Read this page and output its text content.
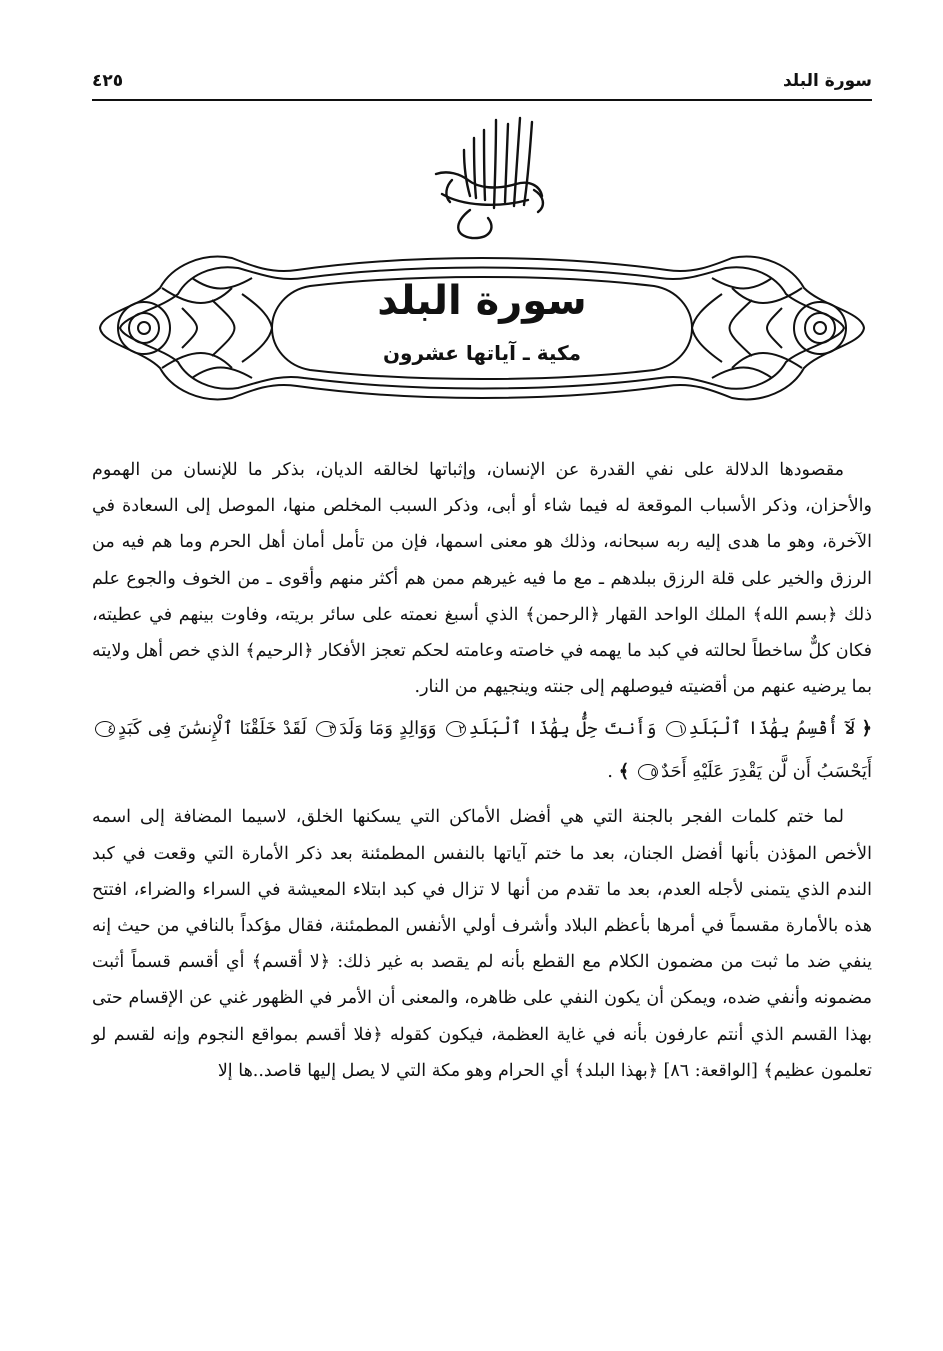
٤٢٥	سورة البلد
سورة البلد
مكية ـ آياتها عشرون

مقصودها الدلالة على نفي القدرة عن الإنسان، وإثباتها لخالقه الديان، بذكر ما للإنسان من الهموم والأحزان، وذكر الأسباب الموقعة له فيما شاء أو أبى، وذكر السبب المخلص منها، الموصل إلى السعادة في الآخرة، وهو ما هدى إليه ربه سبحانه، وذلك هو معنى اسمها، فإن من تأمل أمان أهل الحرم وما هم فيه من الرزق والخير على قلة الرزق ببلدهم ـ مع ما فيه غيرهم ممن هم أكثر منهم وأقوى ـ من الخوف والجوع علم ذلك ﴿بسم الله﴾ الملك الواحد القهار ﴿الرحمن﴾ الذي أسبغ نعمته على سائر بريته، وفاوت بينهم في عطيته، فكان كلٌّ ساخطاً لحالته في كبد ما يهمه في خاصته وعامته لحكم تعجز الأفكار ﴿الرحيم﴾ الذي خص أهل ولايته بما يرضيه عنهم من أقضيته فيوصلهم إلى جنته وينجيهم من النار.

﴿ لَآ أُقْسِمُ بِهَٰذَا ٱلْبَلَدِ١ وَأَنتَ حِلُّۢ بِهَٰذَا ٱلْبَلَدِ٢ وَوَالِدٍ وَمَا وَلَدَ٣ لَقَدْ خَلَقْنَا ٱلْإِنسَٰنَ فِى كَبَدٍ٤ أَيَحْسَبُ أَن لَّن يَقْدِرَ عَلَيْهِ أَحَدٌ٥ ﴾ .

لما ختم كلمات الفجر بالجنة التي هي أفضل الأماكن التي يسكنها الخلق، لاسيما المضافة إلى اسمه الأخص المؤذن بأنها أفضل الجنان، بعد ما ختم آياتها بالنفس المطمئنة بعد ذكر الأمارة التي وقعت في كبد الندم الذي يتمنى لأجله العدم، بعد ما تقدم من أنها لا تزال في كبد ابتلاء المعيشة في السراء والضراء، افتتح هذه بالأمارة مقسماً في أمرها بأعظم البلاد وأشرف أولي الأنفس المطمئنة، فقال مؤكداً بالنافي من حيث إنه ينفي ضد ما ثبت من مضمون الكلام مع القطع بأنه لم يقصد به غير ذلك: ﴿لا أقسم﴾ أي أقسم قسماً أثبت مضمونه وأنفي ضده، ويمكن أن يكون النفي على ظاهره، والمعنى أن الأمر في الظهور غني عن الإقسام حتى بهذا القسم الذي أنتم عارفون بأنه في غاية العظمة، فيكون كقوله ﴿فلا أقسم بمواقع النجوم وإنه لقسم لو تعلمون عظيم﴾ [الواقعة: ٨٦] ﴿بهذا البلد﴾ أي الحرام وهو مكة التي لا يصل إليها قاصد..ها إلا
